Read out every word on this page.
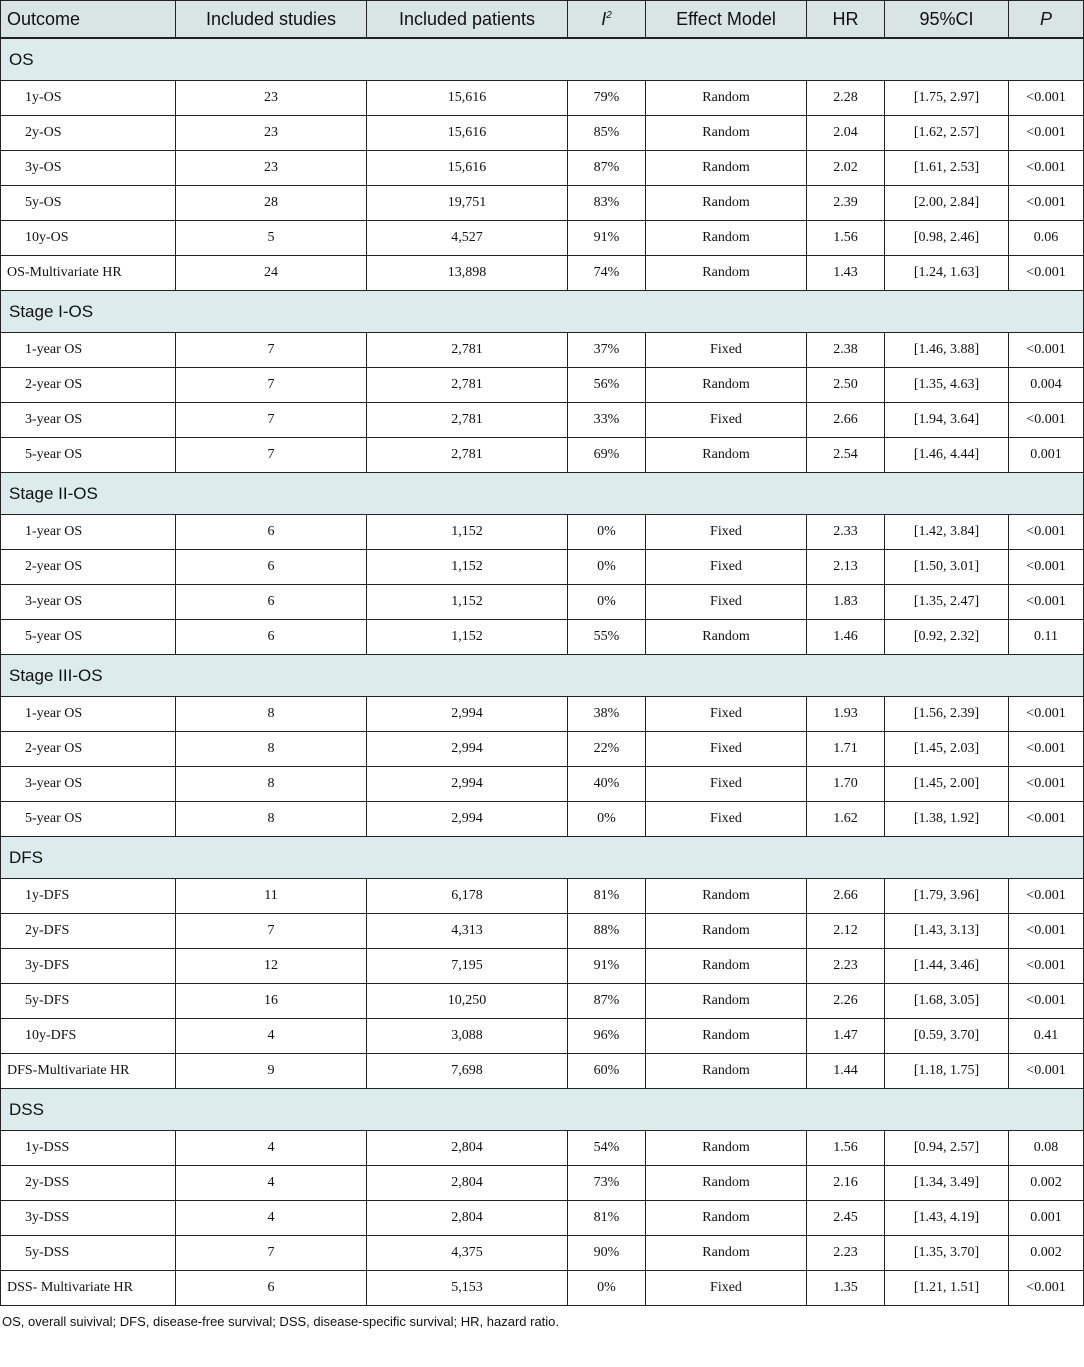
Outcome	Included studies	Included patients	$I^2$	Effect Model	HR	95%CI	P
OS							
1y-OS	23	15,616	79%	Random	2.28	[1.75, 2.97]	<0.001
2y-OS	23	15,616	85%	Random	2.04	[1.62, 2.57]	<0.001
3y-OS	23	15,616	87%	Random	2.02	[1.61, 2.53]	<0.001
5y-OS	28	19,751	83%	Random	2.39	[2.00, 2.84]	<0.001
10y-OS	5	4,527	91%	Random	1.56	[0.98, 2.46]	0.06
OS-Multivariate HR	24	13,898	74%	Random	1.43	[1.24, 1.63]	<0.001
Stage I-OS							
1-year OS	7	2,781	37%	Fixed	2.38	[1.46, 3.88]	<0.001
2-year OS	7	2,781	56%	Random	2.50	[1.35, 4.63]	0.004
3-year OS	7	2,781	33%	Fixed	2.66	[1.94, 3.64]	<0.001
5-year OS	7	2,781	69%	Random	2.54	[1.46, 4.44]	0.001
Stage II-OS							
1-year OS	6	1,152	0%	Fixed	2.33	[1.42, 3.84]	<0.001
2-year OS	6	1,152	0%	Fixed	2.13	[1.50, 3.01]	<0.001
3-year OS	6	1,152	0%	Fixed	1.83	[1.35, 2.47]	<0.001
5-year OS	6	1,152	55%	Random	1.46	[0.92, 2.32]	0.11
Stage III-OS							
1-year OS	8	2,994	38%	Fixed	1.93	[1.56, 2.39]	<0.001
2-year OS	8	2,994	22%	Fixed	1.71	[1.45, 2.03]	<0.001
3-year OS	8	2,994	40%	Fixed	1.70	[1.45, 2.00]	<0.001
5-year OS	8	2,994	0%	Fixed	1.62	[1.38, 1.92]	<0.001
DFS							
1y-DFS	11	6,178	81%	Random	2.66	[1.79, 3.96]	<0.001
2y-DFS	7	4,313	88%	Random	2.12	[1.43, 3.13]	<0.001
3y-DFS	12	7,195	91%	Random	2.23	[1.44, 3.46]	<0.001
5y-DFS	16	10,250	87%	Random	2.26	[1.68, 3.05]	<0.001
10y-DFS	4	3,088	96%	Random	1.47	[0.59, 3.70]	0.41
DFS-Multivariate HR	9	7,698	60%	Random	1.44	[1.18, 1.75]	<0.001
DSS							
1y-DSS	4	2,804	54%	Random	1.56	[0.94, 2.57]	0.08
2y-DSS	4	2,804	73%	Random	2.16	[1.34, 3.49]	0.002
3y-DSS	4	2,804	81%	Random	2.45	[1.43, 4.19]	0.001
5y-DSS	7	4,375	90%	Random	2.23	[1.35, 3.70]	0.002
DSS- Multivariate HR	6	5,153	0%	Fixed	1.35	[1.21, 1.51]	<0.001
OS, overall suivival; DFS, disease-free survival; DSS, disease-specific survival; HR, hazard ratio.
